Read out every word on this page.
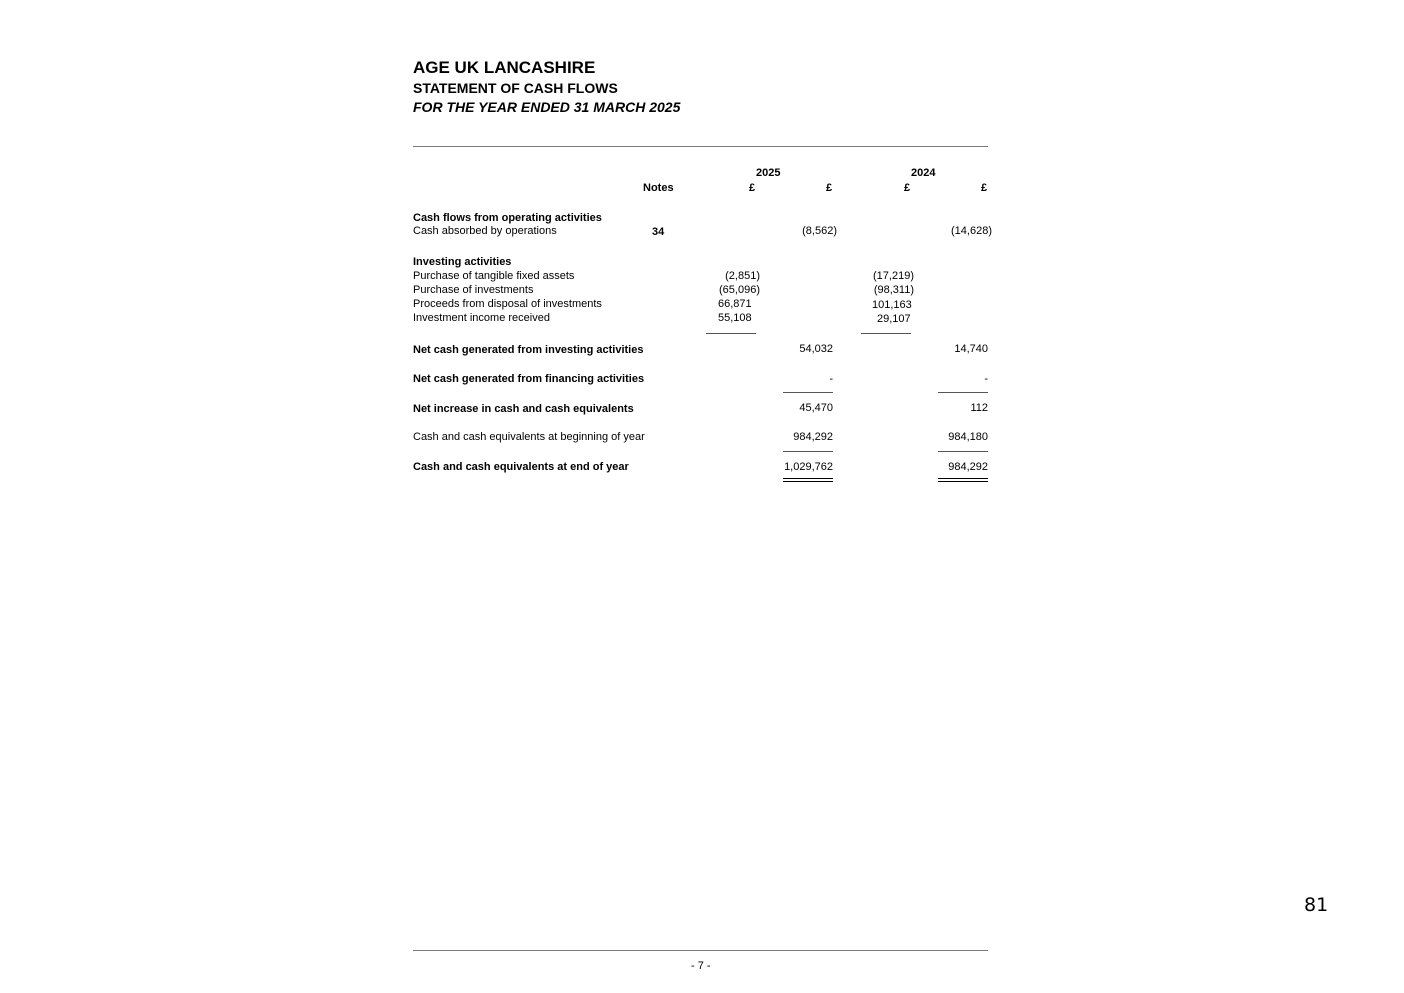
AGE UK LANCASHIRE
STATEMENT OF CASH FLOWS
FOR THE YEAR ENDED 31 MARCH 2025
2025	2024
Notes	£	£	£	£
Cash flows from operating activities
Cash absorbed by operations	34	(8,562)	(14,628)
Investing activities
Purchase of tangible fixed assets	(2,851)	(17,219)
Purchase of investments	(65,096)	(98,311)
Proceeds from disposal of investments	66,871	101,163
Investment income received	55,108	29,107
Net cash generated from investing activities	54,032	14,740
Net cash generated from financing activities	-	-
Net increase in cash and cash equivalents	45,470	112
Cash and cash equivalents at beginning of year	984,292	984,180
Cash and cash equivalents at end of year	1,029,762	984,292
81
- 7 -
